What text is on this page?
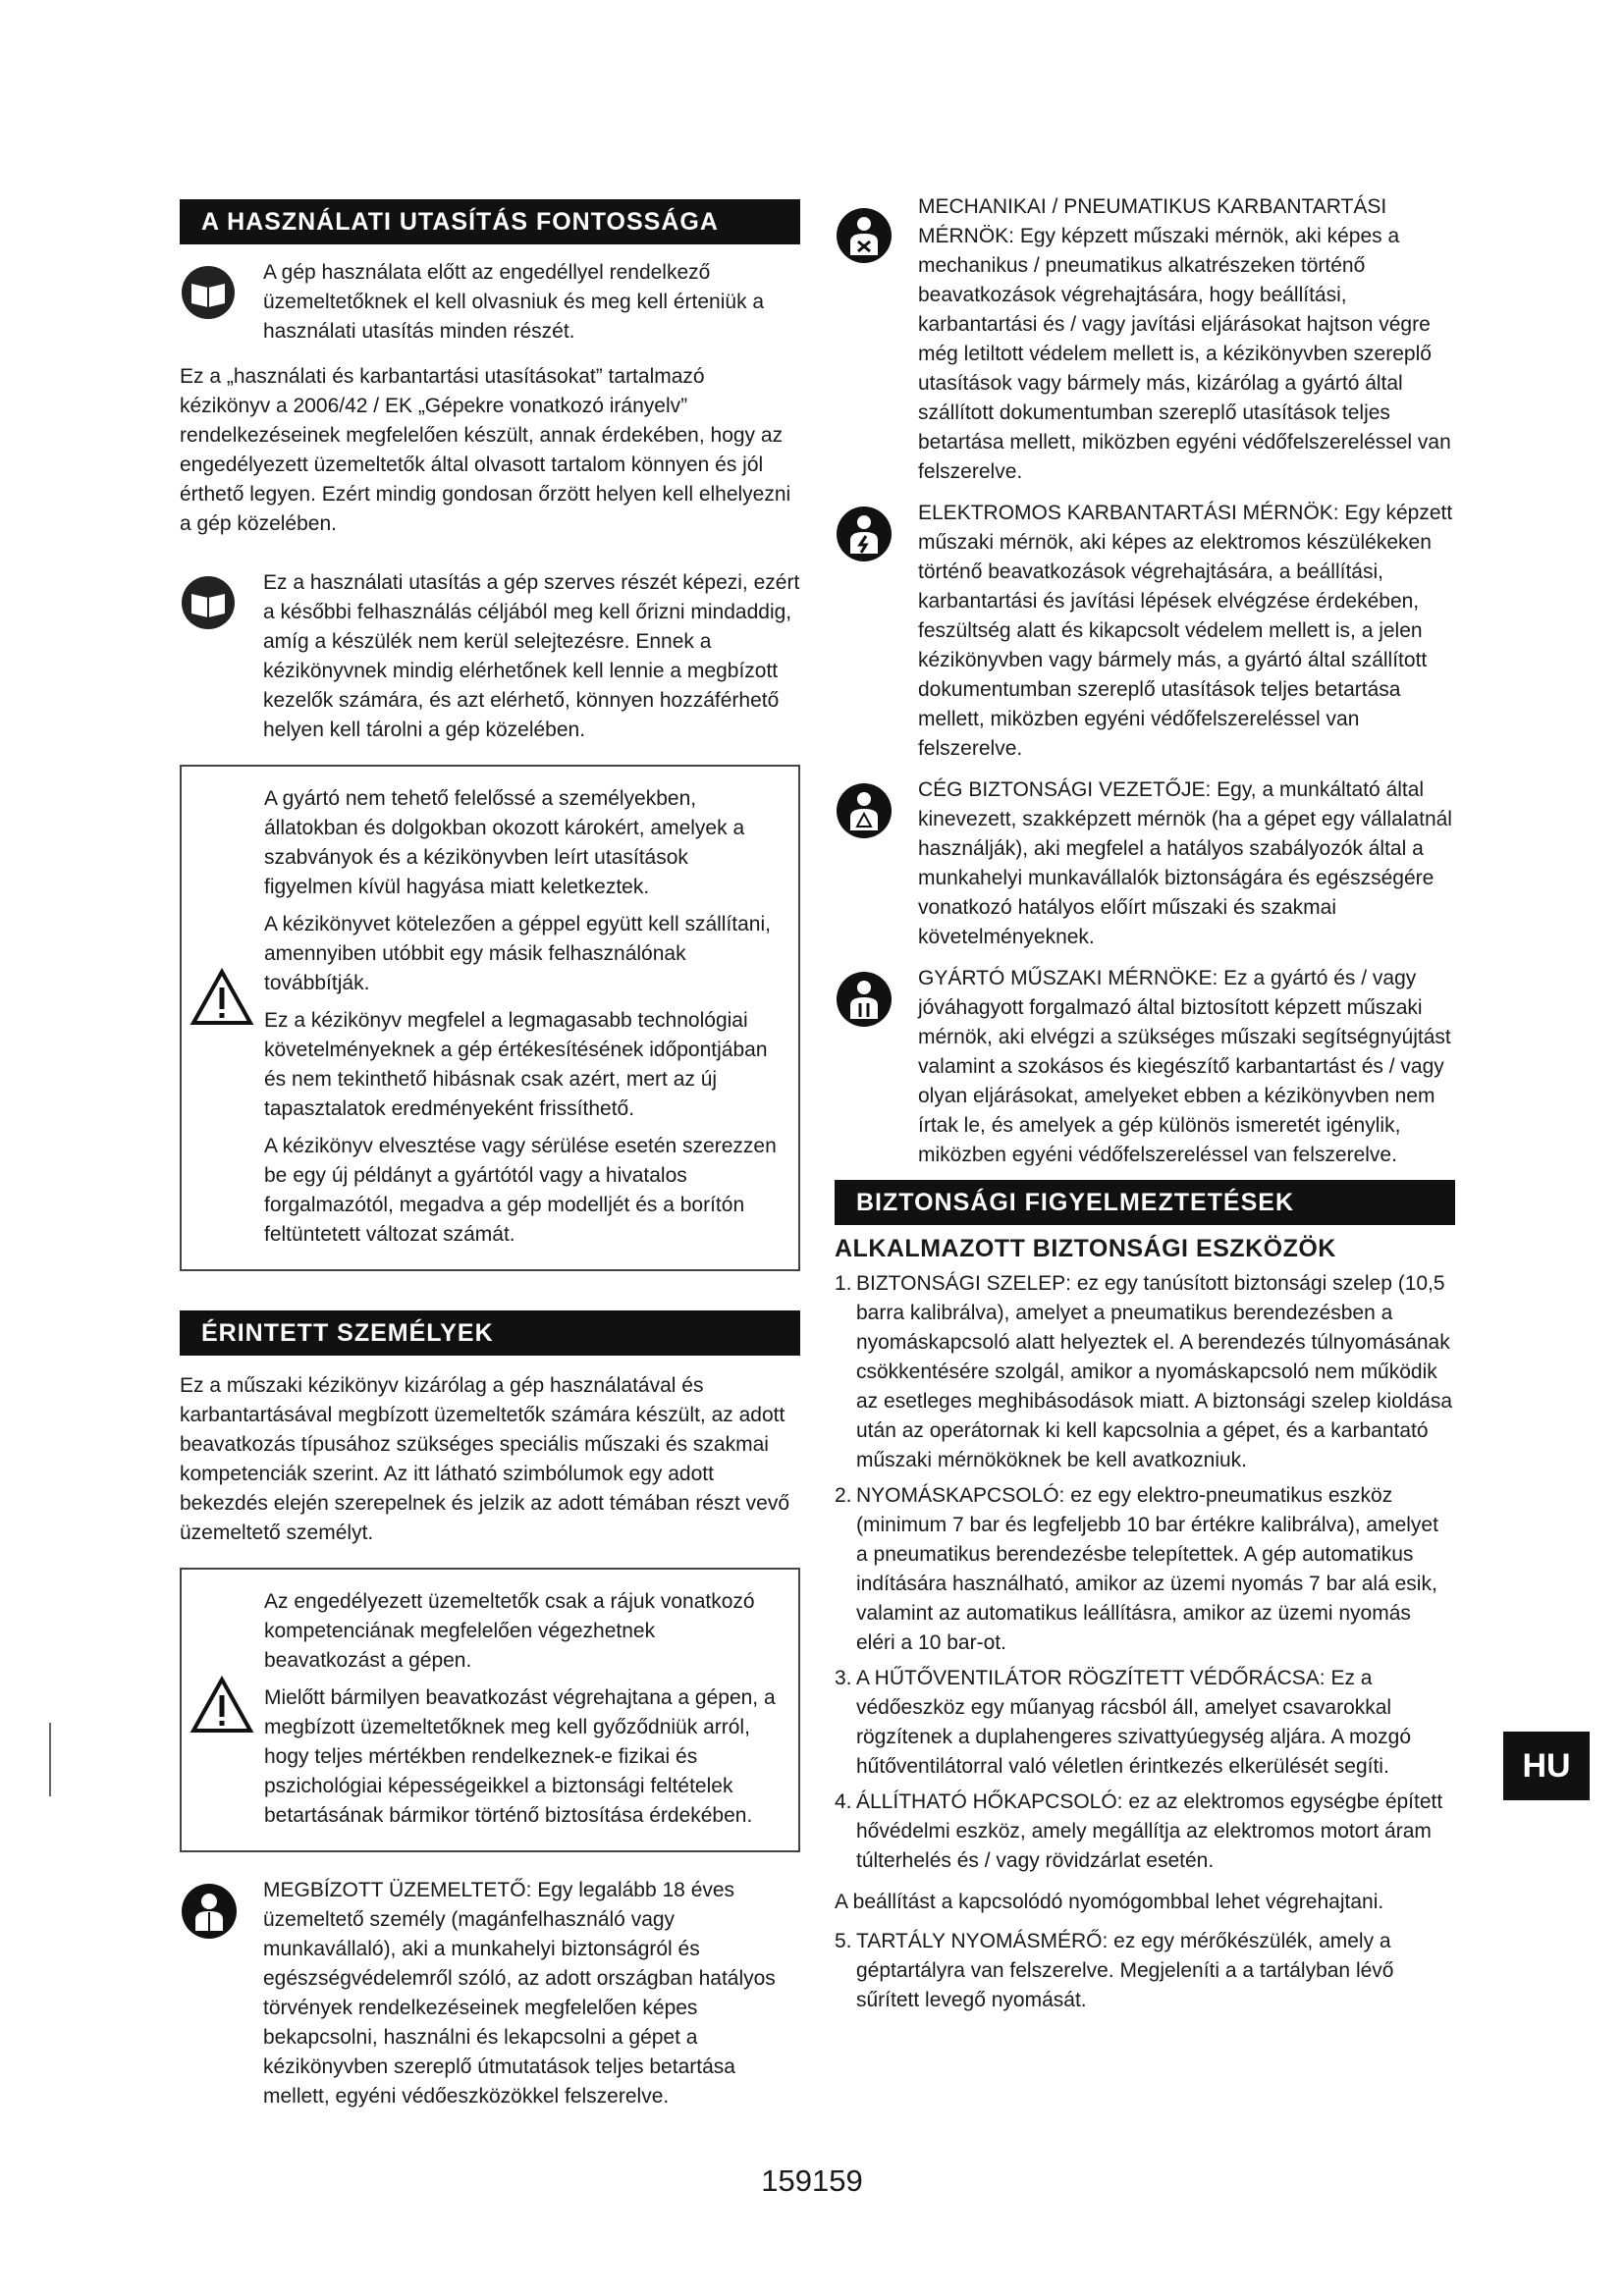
A HASZNÁLATI UTASÍTÁS FONTOSSÁGA

A gép használata előtt az engedéllyel rendelkező üzemeltetőknek el kell olvasniuk és meg kell érteniük a használati utasítás minden részét.

Ez a „használati és karbantartási utasításokat” tartalmazó kézikönyv a 2006/42 / EK „Gépekre vonatkozó irányelv” rendelkezéseinek megfelelően készült, annak érdekében, hogy az engedélyezett üzemeltetők által olvasott tartalom könnyen és jól érthető legyen. Ezért mindig gondosan őrzött helyen kell elhelyezni a gép közelében.

Ez a használati utasítás a gép szerves részét képezi, ezért a későbbi felhasználás céljából meg kell őrizni mindaddig, amíg a készülék nem kerül selejtezésre. Ennek a kézikönyvnek mindig elérhetőnek kell lennie a megbízott kezelők számára, és azt elérhető, könnyen hozzáférhető helyen kell tárolni a gép közelében.

A gyártó nem tehető felelőssé a személyekben, állatokban és dolgokban okozott károkért, amelyek a szabványok és a kézikönyvben leírt utasítások figyelmen kívül hagyása miatt keletkeztek.

A kézikönyvet kötelezően a géppel együtt kell szállítani, amennyiben utóbbit egy másik felhasználónak továbbítják.

Ez a kézikönyv megfelel a legmagasabb technológiai követelményeknek a gép értékesítésének időpontjában és nem tekinthető hibásnak csak azért, mert az új tapasztalatok eredményeként frissíthető.

A kézikönyv elvesztése vagy sérülése esetén szerezzen be egy új példányt a gyártótól vagy a hivatalos forgalmazótól, megadva a gép modelljét és a borítón feltüntetett változat számát.

ÉRINTETT SZEMÉLYEK

Ez a műszaki kézikönyv kizárólag a gép használatával és karbantartásával megbízott üzemeltetők számára készült, az adott beavatkozás típusához szükséges speciális műszaki és szakmai kompetenciák szerint. Az itt látható szimbólumok egy adott bekezdés elején szerepelnek és jelzik az adott témában részt vevő üzemeltető személyt.

Az engedélyezett üzemeltetők csak a rájuk vonatkozó kompetenciának megfelelően végezhetnek beavatkozást a gépen.

Mielőtt bármilyen beavatkozást végrehajtana a gépen, a megbízott üzemeltetőknek meg kell győződniük arról, hogy teljes mértékben rendelkeznek-e fizikai és pszichológiai képességeikkel a biztonsági feltételek betartásának bármikor történő biztosítása érdekében.

MEGBÍZOTT ÜZEMELTETŐ: Egy legalább 18 éves üzemeltető személy (magánfelhasználó vagy munkavállaló), aki a munkahelyi biztonságról és egészségvédelemről szóló, az adott országban hatályos törvények rendelkezéseinek megfelelően képes bekapcsolni, használni és lekapcsolni a gépet a kézikönyvben szereplő útmutatások teljes betartása mellett, egyéni védőeszközökkel felszerelve.

MECHANIKAI / PNEUMATIKUS KARBANTARTÁSI MÉRNÖK: Egy képzett műszaki mérnök, aki képes a mechanikus / pneumatikus alkatrészeken történő beavatkozások végrehajtására, hogy beállítási, karbantartási és / vagy javítási eljárásokat hajtson végre még letiltott védelem mellett is, a kézikönyvben szereplő utasítások vagy bármely más, kizárólag a gyártó által szállított dokumentumban szereplő utasítások teljes betartása mellett, miközben egyéni védőfelszereléssel van felszerelve.

ELEKTROMOS KARBANTARTÁSI MÉRNÖK: Egy képzett műszaki mérnök, aki képes az elektromos készülékeken történő beavatkozások végrehajtására, a beállítási, karbantartási és javítási lépések elvégzése érdekében, feszültség alatt és kikapcsolt védelem mellett is, a jelen kézikönyvben vagy bármely más, a gyártó által szállított dokumentumban szereplő utasítások teljes betartása mellett, miközben egyéni védőfelszereléssel van felszerelve.

CÉG BIZTONSÁGI VEZETŐJE: Egy, a munkáltató által kinevezett, szakképzett mérnök (ha a gépet egy vállalatnál használják), aki megfelel a hatályos szabályozók által a munkahelyi munkavállalók biztonságára és egészségére vonatkozó hatályos előírt műszaki és szakmai követelményeknek.

GYÁRTÓ MŰSZAKI MÉRNÖKE: Ez a gyártó és / vagy jóváhagyott forgalmazó által biztosított képzett műszaki mérnök, aki elvégzi a szükséges műszaki segítségnyújtást valamint a szokásos és kiegészítő karbantartást és / vagy olyan eljárásokat, amelyeket ebben a kézikönyvben nem írtak le, és amelyek a gép különös ismeretét igénylik, miközben egyéni védőfelszereléssel van felszerelve.

BIZTONSÁGI FIGYELMEZTETÉSEK
ALKALMAZOTT BIZTONSÁGI ESZKÖZÖK
1. BIZTONSÁGI SZELEP: ez egy tanúsított biztonsági szelep (10,5 barra kalibrálva), amelyet a pneumatikus berendezésben a nyomáskapcsoló alatt helyeztek el. A berendezés túlnyomásának csökkentésére szolgál, amikor a nyomáskapcsoló nem működik az esetleges meghibásodások miatt. A biztonsági szelep kioldása után az operátornak ki kell kapcsolnia a gépet, és a karbantató műszaki mérnököknek be kell avatkozniuk.

2. NYOMÁSKAPCSOLÓ: ez egy elektro-pneumatikus eszköz (minimum 7 bar és legfeljebb 10 bar értékre kalibrálva), amelyet a pneumatikus berendezésbe telepítettek. A gép automatikus indítására használható, amikor az üzemi nyomás 7 bar alá esik, valamint az automatikus leállításra, amikor az üzemi nyomás eléri a 10 bar-ot.

3. A HŰTŐVENTILÁTOR RÖGZÍTETT VÉDŐRÁCSA: Ez a védőeszköz egy műanyag rácsból áll, amelyet csavarokkal rögzítenek a duplahengeres szivattyúegység aljára. A mozgó hűtőventilátorral való véletlen érintkezés elkerülését segíti.

4. ÁLLÍTHATÓ HŐKAPCSOLÓ: ez az elektromos egységbe épített hővédelmi eszköz, amely megállítja az elektromos motort áram túlterhelés és / vagy rövidzárlat esetén.

A beállítást a kapcsolódó nyomógombbal lehet végrehajtani.

5. TARTÁLY NYOMÁSMÉRŐ: ez egy mérőkészülék, amely a géptartályra van felszerelve. Megjeleníti a a tartályban lévő sűrített levegő nyomását.

HU
159159
